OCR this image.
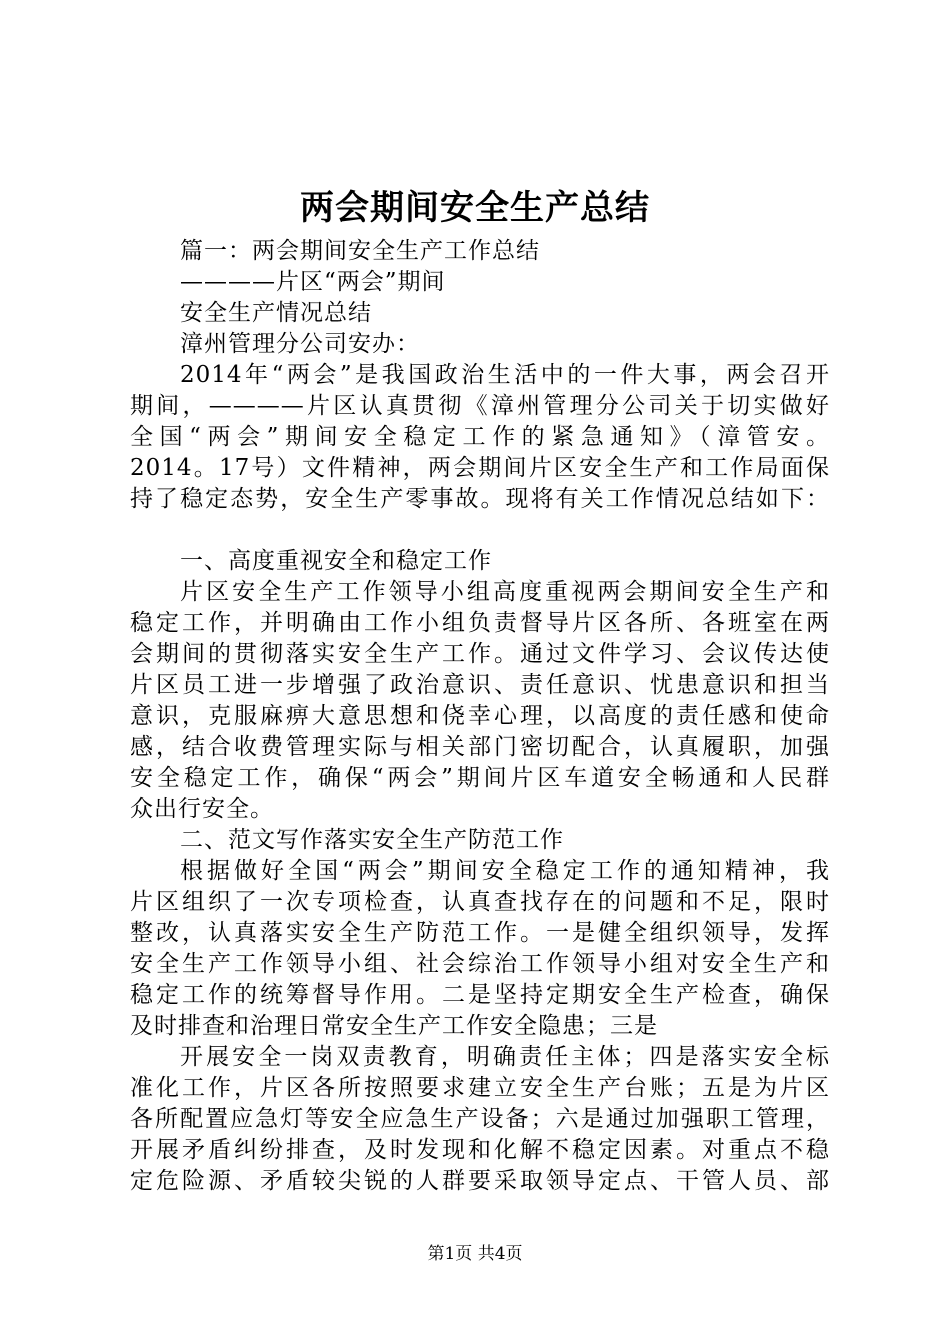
两会期间安全生产总结
篇一：两会期间安全生产工作总结
————片区“两会”期间
安全生产情况总结
漳州管理分公司安办：
2014年“两会”是我国政治生活中的一件大事，两会召开
期间，————片区认真贯彻《漳州管理分公司关于切实做好
全国“两会”期间安全稳定工作的紧急通知》（漳管安。
2014。17号）文件精神，两会期间片区安全生产和工作局面保
持了稳定态势，安全生产零事故。现将有关工作情况总结如下：
一、高度重视安全和稳定工作
片区安全生产工作领导小组高度重视两会期间安全生产和
稳定工作，并明确由工作小组负责督导片区各所、各班室在两
会期间的贯彻落实安全生产工作。通过文件学习、会议传达使
片区员工进一步增强了政治意识、责任意识、忧患意识和担当
意识，克服麻痹大意思想和侥幸心理，以高度的责任感和使命
感，结合收费管理实际与相关部门密切配合，认真履职，加强
安全稳定工作，确保“两会”期间片区车道安全畅通和人民群
众出行安全。
二、范文写作落实安全生产防范工作
根据做好全国“两会”期间安全稳定工作的通知精神，我
片区组织了一次专项检查，认真查找存在的问题和不足，限时
整改，认真落实安全生产防范工作。一是健全组织领导，发挥
安全生产工作领导小组、社会综治工作领导小组对安全生产和
稳定工作的统筹督导作用。二是坚持定期安全生产检查，确保
及时排查和治理日常安全生产工作安全隐患；三是
开展安全一岗双责教育，明确责任主体；四是落实安全标
准化工作，片区各所按照要求建立安全生产台账；五是为片区
各所配置应急灯等安全应急生产设备；六是通过加强职工管理，
开展矛盾纠纷排查，及时发现和化解不稳定因素。对重点不稳
定危险源、矛盾较尖锐的人群要采取领导定点、干管人员、部
第1页 共4页
